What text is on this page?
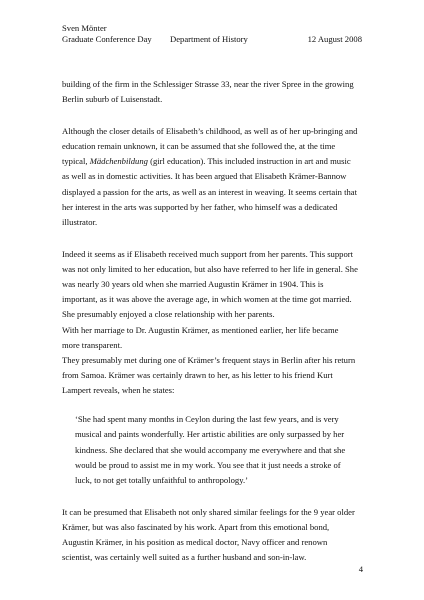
Sven Mönter
Graduate Conference Day Department of History	12 August 2008
building of the firm in the Schlessiger Strasse 33, near the river Spree in the growing
Berlin suburb of Luisenstadt.
Although the closer details of Elisabeth’s childhood, as well as of her up-bringing and
education remain unknown, it can be assumed that she followed the, at the time
typical, Mädchenbildung (girl education). This included instruction in art and music
as well as in domestic activities. It has been argued that Elisabeth Krämer-Bannow
displayed a passion for the arts, as well as an interest in weaving. It seems certain that
her interest in the arts was supported by her father, who himself was a dedicated
illustrator.
Indeed it seems as if Elisabeth received much support from her parents. This support
was not only limited to her education, but also have referred to her life in general. She
was nearly 30 years old when she married Augustin Krämer in 1904. This is
important, as it was above the average age, in which women at the time got married.
She presumably enjoyed a close relationship with her parents.
With her marriage to Dr. Augustin Krämer, as mentioned earlier, her life became
more transparent.
They presumably met during one of Krämer’s frequent stays in Berlin after his return
from Samoa. Krämer was certainly drawn to her, as his letter to his friend Kurt
Lampert reveals, when he states:
‘She had spent many months in Ceylon during the last few years, and is very
musical and paints wonderfully. Her artistic abilities are only surpassed by her
kindness. She declared that she would accompany me everywhere and that she
would be proud to assist me in my work. You see that it just needs a stroke of
luck, to not get totally unfaithful to anthropology.’
It can be presumed that Elisabeth not only shared similar feelings for the 9 year older
Krämer, but was also fascinated by his work. Apart from this emotional bond,
Augustin Krämer, in his position as medical doctor, Navy officer and renown
scientist, was certainly well suited as a further husband and son-in-law.
4
